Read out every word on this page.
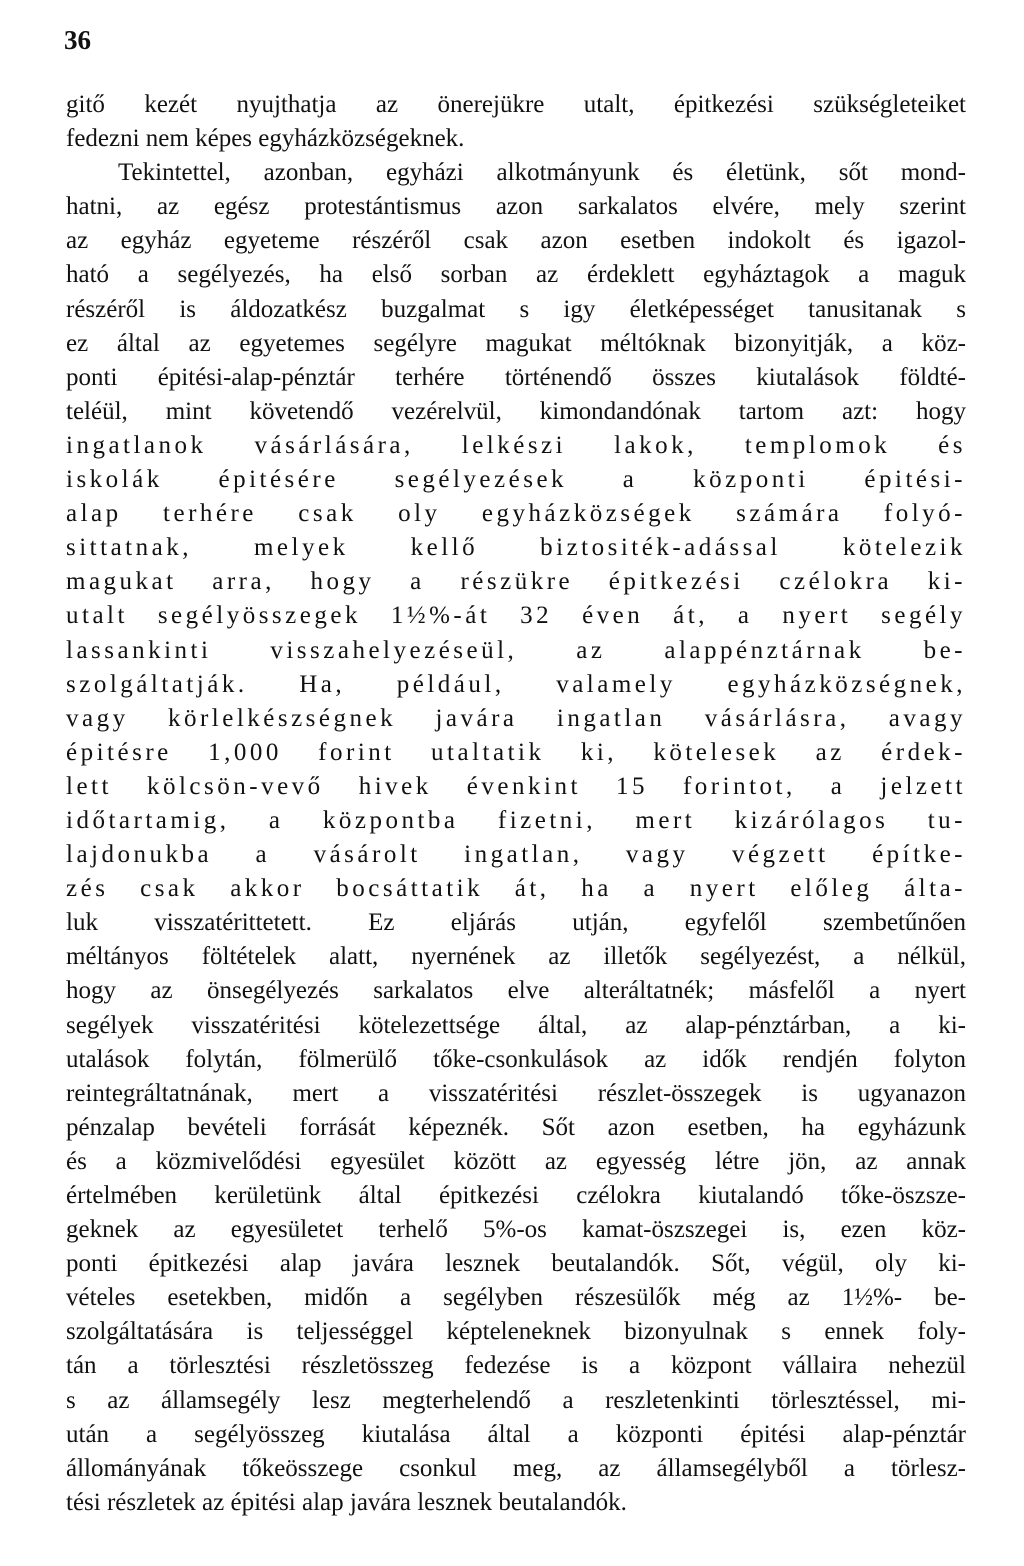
36
gitő kezét nyujthatja az önerejükre utalt, épitkezési szükségleteiket
fedezni nem képes egyházközségeknek.
Tekintettel, azonban, egyházi alkotmányunk és életünk, sőt mond-
hatni, az egész protestántismus azon sarkalatos elvére, mely szerint
az egyház egyeteme részéről csak azon esetben indokolt és igazol-
ható a segélyezés, ha első sorban az érdeklett egyháztagok a maguk
részéről is áldozatkész buzgalmat s igy életképességet tanusitanak s
ez által az egyetemes segélyre magukat méltóknak bizonyitják, a köz-
ponti épitési-alap-pénztár terhére történendő összes kiutalások földté-
teléül, mint követendő vezérelvül, kimondandónak tartom azt: hogy
ingatlanok vásárlására, lelkészi lakok, templomok és
iskolák épitésére segélyezések a központi épitési-
alap terhére csak oly egyházközségek számára folyó-
sittatnak, melyek kellő biztositék-adással kötelezik
magukat arra, hogy a részükre épitkezési czélokra ki-
utalt segélyösszegek 1½%-át 32 éven át, a nyert segély
lassankinti visszahelyezéseül, az alappénztárnak be-
szolgáltatják. Ha, például, valamely egyházközségnek,
vagy körlelkészségnek javára ingatlan vásárlásra, avagy
épitésre 1,000 forint utaltatik ki, kötelesek az érdek-
lett kölcsön-vevő hivek évenkint 15 forintot, a jelzett
időtartamig, a központba fizetni, mert kizárólagos tu-
lajdonukba a vásárolt ingatlan, vagy végzett építke-
zés csak akkor bocsáttatik át, ha a nyert előleg álta-
luk visszatérittetett. Ez eljárás utján, egyfelől szembetűnően
méltányos föltételek alatt, nyernének az illetők segélyezést, a nélkül,
hogy az önsegélyezés sarkalatos elve alteráltatnék; másfelől a nyert
segélyek visszatéritési kötelezettsége által, az alap-pénztárban, a ki-
utalások folytán, fölmerülő tőke-csonkulások az idők rendjén folyton
reintegráltatnának, mert a visszatéritési részlet-összegek is ugyanazon
pénzalap bevételi forrását képeznék. Sőt azon esetben, ha egyházunk
és a közmivelődési egyesület között az egyesség létre jön, az annak
értelmében kerületünk által épitkezési czélokra kiutalandó tőke-öszsze-
geknek az egyesületet terhelő 5%-os kamat-öszszegei is, ezen köz-
ponti épitkezési alap javára lesznek beutalandók. Sőt, végül, oly ki-
vételes esetekben, midőn a segélyben részesülők még az 1½%- be-
szolgáltatására is teljességgel képteleneknek bizonyulnak s ennek foly-
tán a törlesztési részletösszeg fedezése is a központ vállaira nehezül
s az államsegély lesz megterhelendő a reszletenkinti törlesztéssel, mi-
után a segélyösszeg kiutalása által a központi épitési alap-pénztár
állományának tőkeösszege csonkul meg, az államsegélyből a törlesz-
tési részletek az épitési alap javára lesznek beutalandók.
